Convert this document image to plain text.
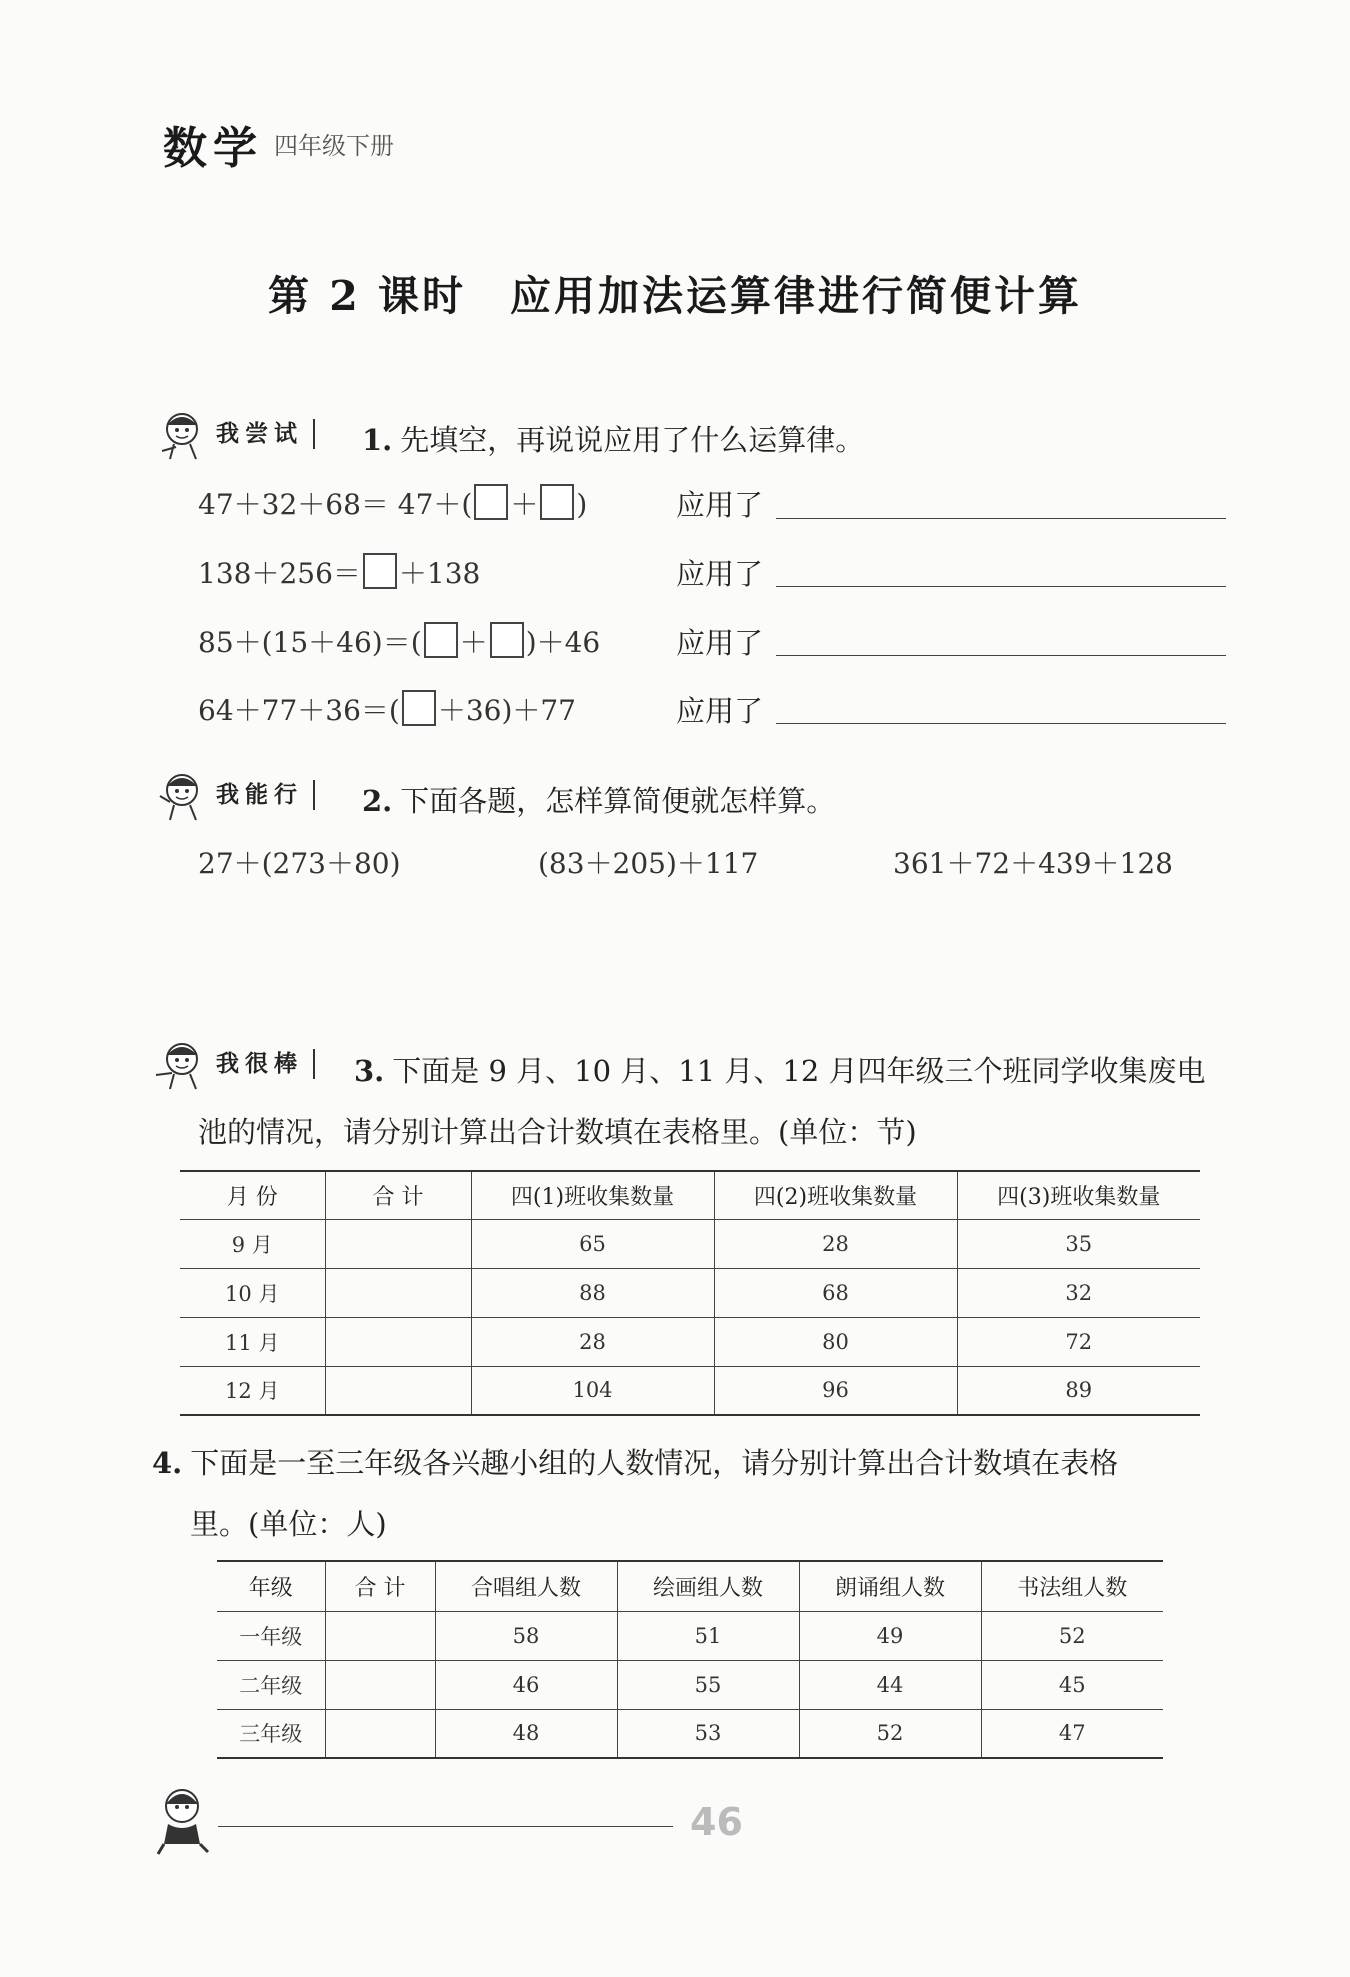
数学 四年级下册
第 2 课时 应用加法运算律进行简便计算
我尝试	1. 先填空，再说说应用了什么运算律。
47＋32＋68＝ 47＋( ＋ )	应用了
138＋256＝ ＋138	应用了
85＋(15＋46)＝( ＋ )＋46	应用了
64＋77＋36＝( ＋36)＋77	应用了
我能行	2. 下面各题，怎样算简便就怎样算。
27＋(273＋80)	(83＋205)＋117	361＋72＋439＋128
我很棒	3. 下面是 9 月、10 月、11 月、12 月四年级三个班同学收集废电
池的情况，请分别计算出合计数填在表格里。(单位：节)
月 份	合 计	四(1)班收集数量	四(2)班收集数量	四(3)班收集数量
9 月		65	28	35
10 月		88	68	32
11 月		28	80	72
12 月		104	96	89
4. 下面是一至三年级各兴趣小组的人数情况，请分别计算出合计数填在表格
里。(单位：人)
年级	合 计	合唱组人数	绘画组人数	朗诵组人数	书法组人数
一年级		58	51	49	52
二年级		46	55	44	45
三年级		48	53	52	47
46
